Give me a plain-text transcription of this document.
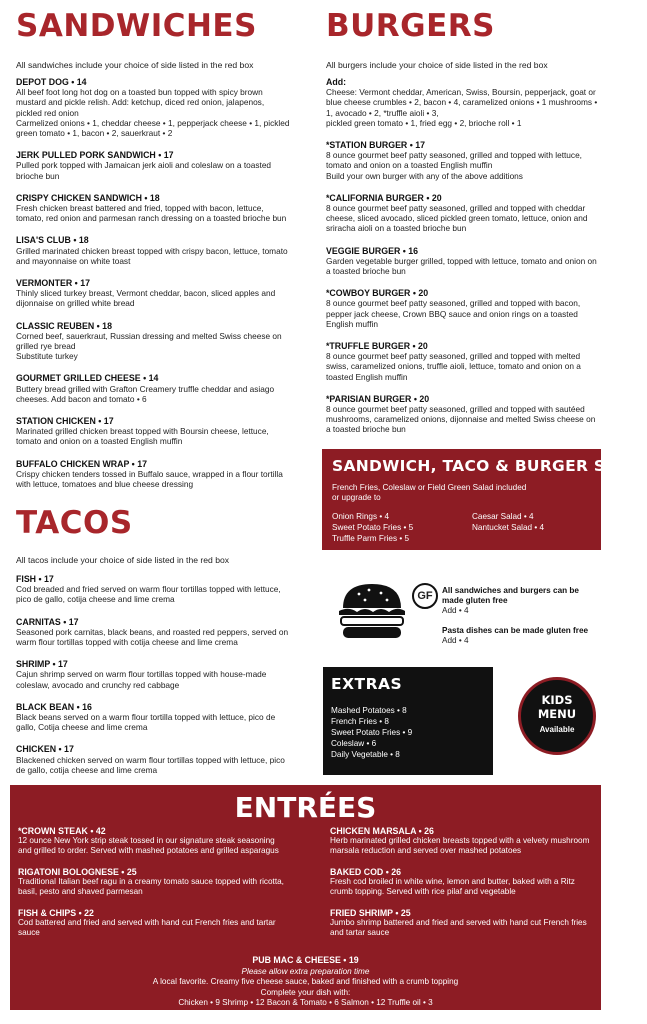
SANDWICHES
All sandwiches include your choice of side listed in the red box
DEPOT DOG • 14
All beef foot long hot dog on a toasted bun topped with spicy brown mustard and pickle relish. Add: ketchup, diced red onion, jalapenos, pickled red onion
Carmelized onions • 1, cheddar cheese • 1, pepperjack cheese • 1, pickled green tomato • 1, bacon • 2, sauerkraut • 2
JERK PULLED PORK SANDWICH • 17
Pulled pork topped with Jamaican jerk aioli and coleslaw on a toasted brioche bun
CRISPY CHICKEN SANDWICH • 18
Fresh chicken breast battered and fried, topped with bacon, lettuce, tomato, red onion and parmesan ranch dressing on a toasted brioche bun
LISA'S CLUB • 18
Grilled marinated chicken breast topped with crispy bacon, lettuce, tomato and mayonnaise on white toast
VERMONTER • 17
Thinly sliced turkey breast, Vermont cheddar, bacon, sliced apples and dijonnaise on grilled white bread
CLASSIC REUBEN • 18
Corned beef, sauerkraut, Russian dressing and melted Swiss cheese on grilled rye bread
Substitute turkey
GOURMET GRILLED CHEESE • 14
Buttery bread grilled with Grafton Creamery truffle cheddar and asiago cheeses. Add bacon and tomato • 6
STATION CHICKEN • 17
Marinated grilled chicken breast topped with Boursin cheese, lettuce, tomato and onion on a toasted English muffin
BUFFALO CHICKEN WRAP • 17
Crispy chicken tenders tossed in Buffalo sauce, wrapped in a flour tortilla with lettuce, tomatoes and blue cheese dressing
BURGERS
All burgers include your choice of side listed in the red box
Add:
Cheese: Vermont cheddar, American, Swiss, Boursin, pepperjack, goat or blue cheese crumbles • 2, bacon • 4, caramelized onions • 1 mushrooms • 1, avocado • 2, *truffle aioli • 3,
pickled green tomato • 1, fried egg • 2, brioche roll • 1
*STATION BURGER • 17
8 ounce gourmet beef patty seasoned, grilled and topped with lettuce, tomato and onion on a toasted English muffin
Build your own burger with any of the above additions
*CALIFORNIA BURGER • 20
8 ounce gourmet beef patty seasoned, grilled and topped with cheddar cheese, sliced avocado, sliced pickled green tomato, lettuce, onion and sriracha aioli on a toasted brioche bun
VEGGIE BURGER • 16
Garden vegetable burger grilled, topped with lettuce, tomato and onion on a toasted brioche bun
*COWBOY BURGER • 20
8 ounce gourmet beef patty seasoned, grilled and topped with bacon, pepper jack cheese, Crown BBQ sauce and onion rings on a toasted English muffin
*TRUFFLE BURGER • 20
8 ounce gourmet beef patty seasoned, grilled and topped with melted swiss, caramelized onions, truffle aioli, lettuce, tomato and onion on a toasted English muffin
*PARISIAN BURGER • 20
8 ounce gourmet beef patty seasoned, grilled and topped with sautéed mushrooms, caramelized onions, dijonnaise and melted Swiss cheese on a toasted brioche bun
SANDWICH, TACO & BURGER SIDES
French Fries, Coleslaw or Field Green Salad included or upgrade to
Onion Rings • 4	Caesar Salad • 4
Sweet Potato Fries • 5	Nantucket Salad • 4
Truffle Parm Fries • 5
TACOS
All tacos include your choice of side listed in the red box
FISH • 17
Cod breaded and fried served on warm flour tortillas topped with lettuce, pico de gallo, cotija cheese and lime crema
CARNITAS • 17
Seasoned pork carnitas, black beans, and roasted red peppers, served on warm flour tortillas topped with cotija cheese and lime crema
SHRIMP • 17
Cajun shrimp served on warm flour tortillas topped with house-made coleslaw, avocado and crunchy red cabbage
BLACK BEAN • 16
Black beans served on a warm flour tortilla topped with lettuce, pico de gallo, Cotija cheese and lime crema
CHICKEN • 17
Blackened chicken served on warm flour tortillas topped with lettuce, pico de gallo, cotija cheese and lime crema
GF	All sandwiches and burgers can be made gluten free
Add • 4

Pasta dishes can be made gluten free
Add • 4
EXTRAS
Mashed Potatoes • 8
French Fries • 8
Sweet Potato Fries • 9
Coleslaw • 6
Daily Vegetable • 8
KIDS
MENU
Available
ENTRÉES
*CROWN STEAK • 42
12 ounce New York strip steak tossed in our signature steak seasoning and grilled to order. Served with mashed potatoes and grilled asparagus
RIGATONI BOLOGNESE • 25
Traditional Italian beef ragu in a creamy tomato sauce topped with ricotta, basil, pesto and shaved parmesan
FISH & CHIPS • 22
Cod battered and fried and served with hand cut French fries and tartar sauce
CHICKEN MARSALA • 26
Herb marinated grilled chicken breasts topped with a velvety mushroom marsala reduction and served over mashed potatoes
BAKED COD • 26
Fresh cod broiled in white wine, lemon and butter, baked with a Ritz crumb topping. Served with rice pilaf and vegetable
FRIED SHRIMP • 25
Jumbo shrimp battered and fried and served with hand cut French fries and tartar sauce
PUB MAC & CHEESE • 19
Please allow extra preparation time
A local favorite. Creamy five cheese sauce, baked and finished with a crumb topping
Complete your dish with:
Chicken • 9 Shrimp • 12 Bacon & Tomato • 6 Salmon • 12 Truffle oil • 3
